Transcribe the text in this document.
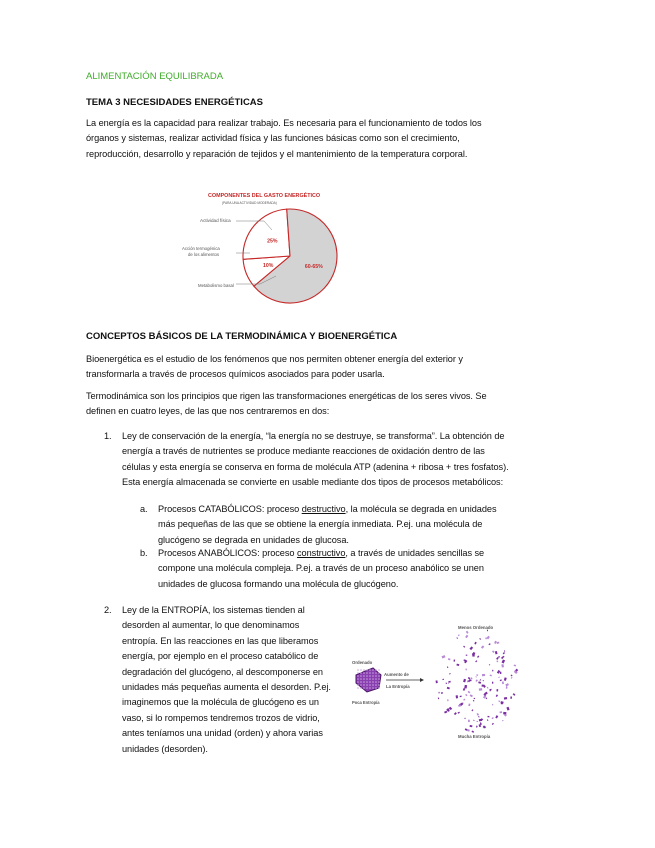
ALIMENTACIÓN EQUILIBRADA
TEMA 3 NECESIDADES ENERGÉTICAS
La energía es la capacidad para realizar trabajo. Es necesaria para el funcionamiento de todos los órganos y sistemas, realizar actividad física y las funciones básicas como son el crecimiento, reproducción, desarrollo y reparación de tejidos y el mantenimiento de la temperatura corporal.
COMPONENTES DEL GASTO ENERGÉTICO
(PARA UNA ACTIVIDAD MODERADA)
10%
25%
60-65%
Actividad física
Acción termogénica
de los alimentos
Metabolismo basal
CONCEPTOS BÁSICOS DE LA TERMODINÁMICA Y BIOENERGÉTICA
Bioenergética es el estudio de los fenómenos que nos permiten obtener energía del exterior y transformarla a través de procesos químicos asociados para poder usarla.
Termodinámica son los principios que rigen las transformaciones energéticas de los seres vivos. Se definen en cuatro leyes, de las que nos centraremos en dos:
1. Ley de conservación de la energía, “la energía no se destruye, se transforma”. La obtención de energía a través de nutrientes se produce mediante reacciones de oxidación dentro de las células y esta energía se conserva en forma de molécula ATP (adenina + ribosa + tres fosfatos). Esta energía almacenada se convierte en usable mediante dos tipos de procesos metabólicos:
a. Procesos CATABÓLICOS: proceso destructivo, la molécula se degrada en unidades más pequeñas de las que se obtiene la energía inmediata. P.ej. una molécula de glucógeno se degrada en unidades de glucosa.
b. Procesos ANABÓLICOS: proceso constructivo, a través de unidades sencillas se compone una molécula compleja. P.ej. a través de un proceso anabólico se unen unidades de glucosa formando una molécula de glucógeno.
2. Ley de la ENTROPÍA, los sistemas tienden al desorden al aumentar, lo que denominamos entropía. En las reacciones en las que liberamos energía, por ejemplo en el proceso catabólico de degradación del glucógeno, al descomponerse en unidades más pequeñas aumenta el desorden. P.ej. imaginemos que la molécula de glucógeno es un vaso, si lo rompemos tendremos trozos de vidrio, antes teníamos una unidad (orden) y ahora varias unidades (desorden).
Menos Ordenado
Ordenado
Poca Entropía
Aumento de
La Entropía
Mucha Entropía
